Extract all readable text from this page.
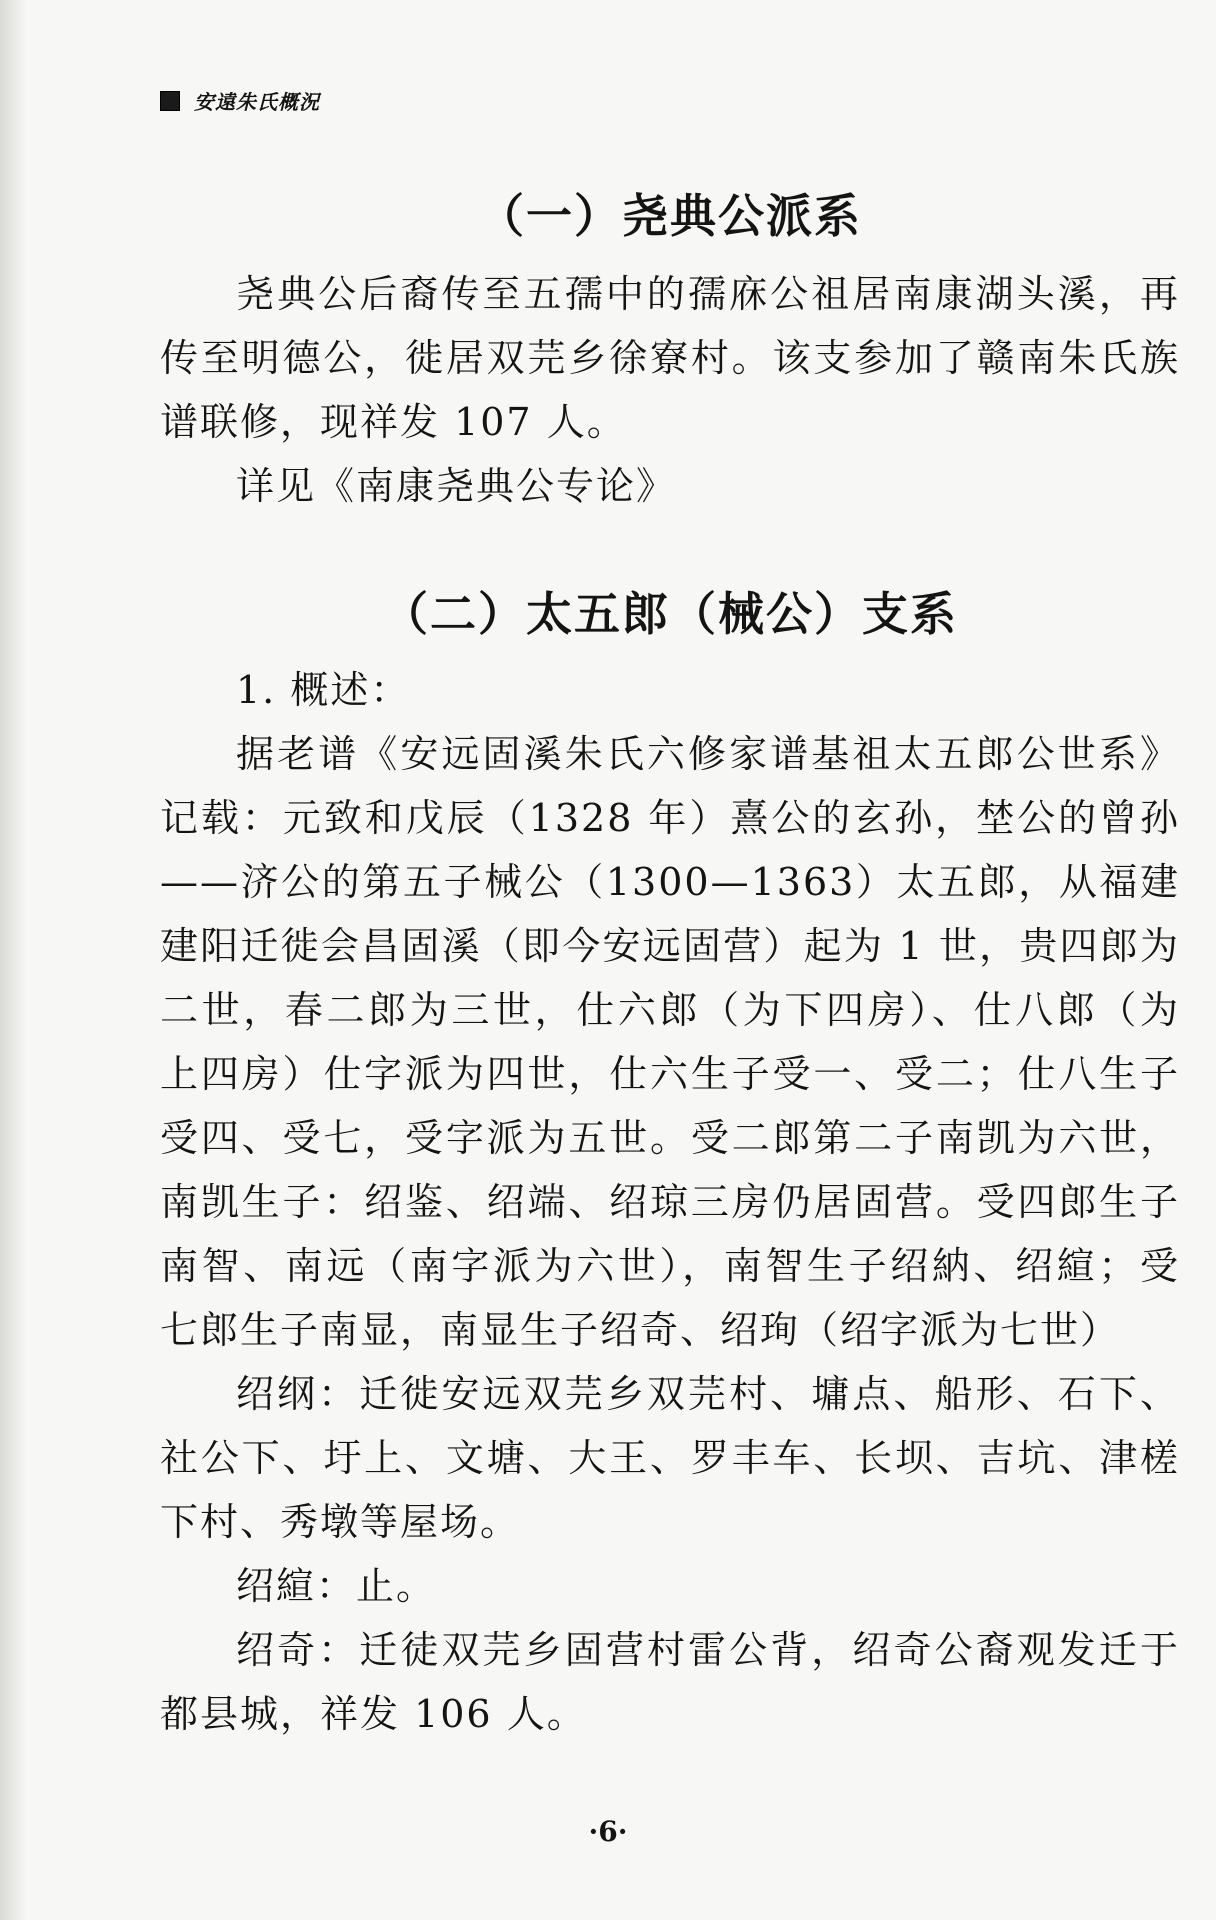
安遠朱氏概況
（一）尧典公派系

尧典公后裔传至五孺中的孺庥公祖居南康湖头溪，再传至明德公，徙居双芫乡徐寮村。该支参加了赣南朱氏族谱联修，现祥发 107 人。

详见《南康尧典公专论》

（二）太五郎（械公）支系

1. 概述：

据老谱《安远固溪朱氏六修家谱基祖太五郎公世系》记载：元致和戊辰（1328 年）熹公的玄孙，埜公的曾孙——济公的第五子械公（1300—1363）太五郎，从福建建阳迁徙会昌固溪（即今安远固营）起为 1 世，贵四郎为二世，春二郎为三世，仕六郎（为下四房）、仕八郎（为上四房）仕字派为四世，仕六生子受一、受二；仕八生子受四、受七，受字派为五世。受二郎第二子南凯为六世，南凯生子：绍鉴、绍端、绍琼三房仍居固营。受四郎生子南智、南远（南字派为六世），南智生子绍納、绍縇；受七郎生子南显，南显生子绍奇、绍珣（绍字派为七世）

绍纲：迁徙安远双芫乡双芫村、墉点、船形、石下、社公下、圩上、文塘、大王、罗丰车、长坝、吉坑、津槎下村、秀墩等屋场。

绍縇：止。

绍奇：迁徒双芫乡固营村雷公背，绍奇公裔观发迁于都县城，祥发 106 人。

·6·
